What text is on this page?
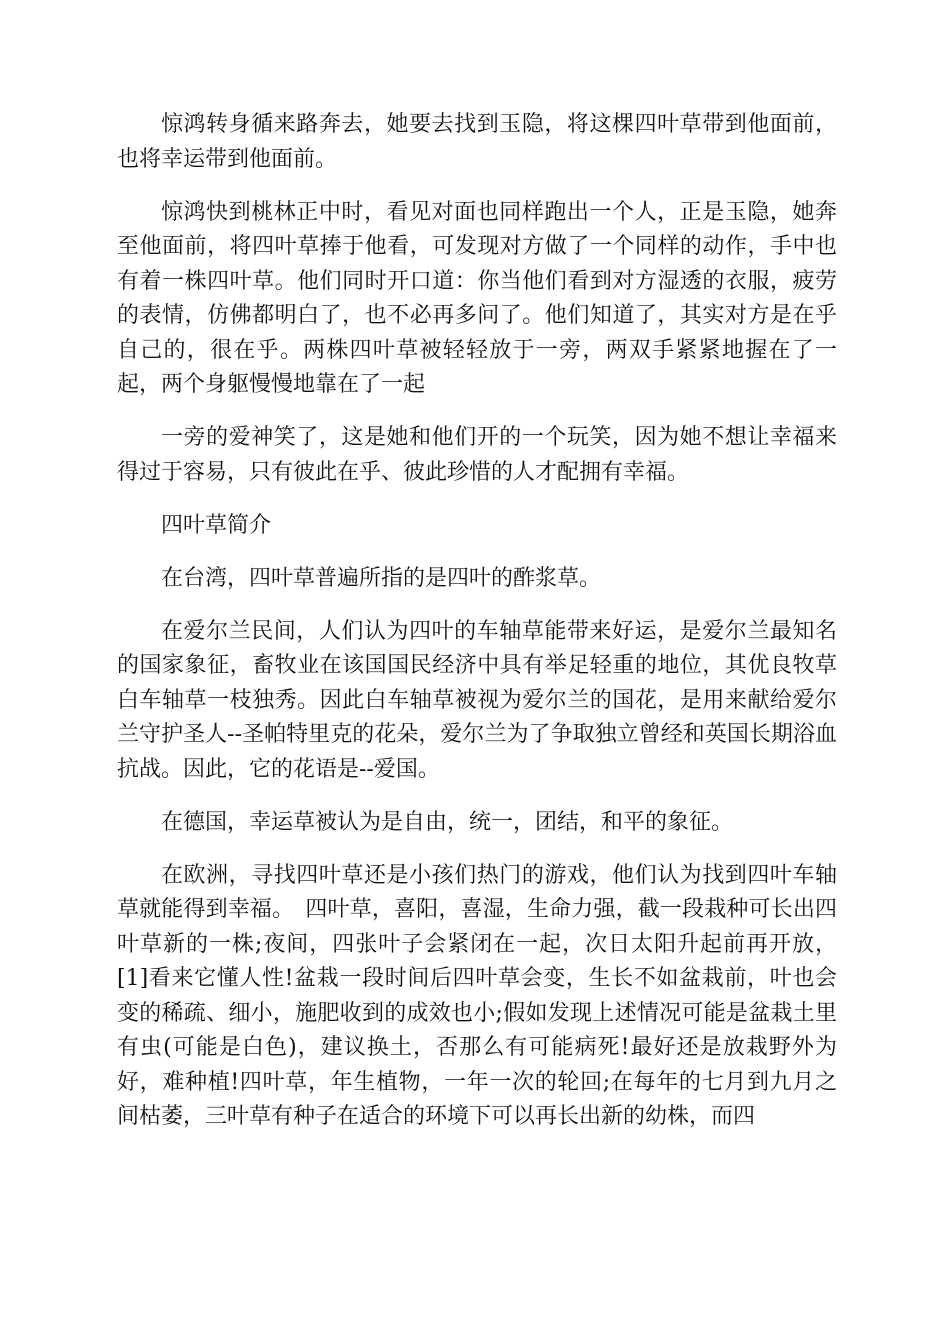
惊鸿转身循来路奔去，她要去找到玉隐，将这棵四叶草带到他面前，也将幸运带到他面前。

惊鸿快到桃林正中时，看见对面也同样跑出一个人，正是玉隐，她奔至他面前，将四叶草捧于他看，可发现对方做了一个同样的动作，手中也有着一株四叶草。他们同时开口道：你当他们看到对方湿透的衣服，疲劳的表情，仿佛都明白了，也不必再多问了。他们知道了，其实对方是在乎自己的，很在乎。两株四叶草被轻轻放于一旁，两双手紧紧地握在了一起，两个身躯慢慢地靠在了一起

一旁的爱神笑了，这是她和他们开的一个玩笑，因为她不想让幸福来得过于容易，只有彼此在乎、彼此珍惜的人才配拥有幸福。

四叶草简介

在台湾，四叶草普遍所指的是四叶的酢浆草。

在爱尔兰民间，人们认为四叶的车轴草能带来好运，是爱尔兰最知名的国家象征，畜牧业在该国国民经济中具有举足轻重的地位，其优良牧草白车轴草一枝独秀。因此白车轴草被视为爱尔兰的国花，是用来献给爱尔兰守护圣人--圣帕特里克的花朵，爱尔兰为了争取独立曾经和英国长期浴血抗战。因此，它的花语是--爱国。

在德国，幸运草被认为是自由，统一，团结，和平的象征。

在欧洲，寻找四叶草还是小孩们热门的游戏，他们认为找到四叶车轴草就能得到幸福。　四叶草，喜阳，喜湿，生命力强，截一段栽种可长出四叶草新的一株;夜间，四张叶子会紧闭在一起，次日太阳升起前再开放，[1]看来它懂人性!盆栽一段时间后四叶草会变，生长不如盆栽前，叶也会变的稀疏、细小，施肥收到的成效也小;假如发现上述情况可能是盆栽土里有虫(可能是白色)，建议换土，否那么有可能病死!最好还是放栽野外为好，难种植!四叶草，年生植物，一年一次的轮回;在每年的七月到九月之间枯萎，三叶草有种子在适合的环境下可以再长出新的幼株，而四
